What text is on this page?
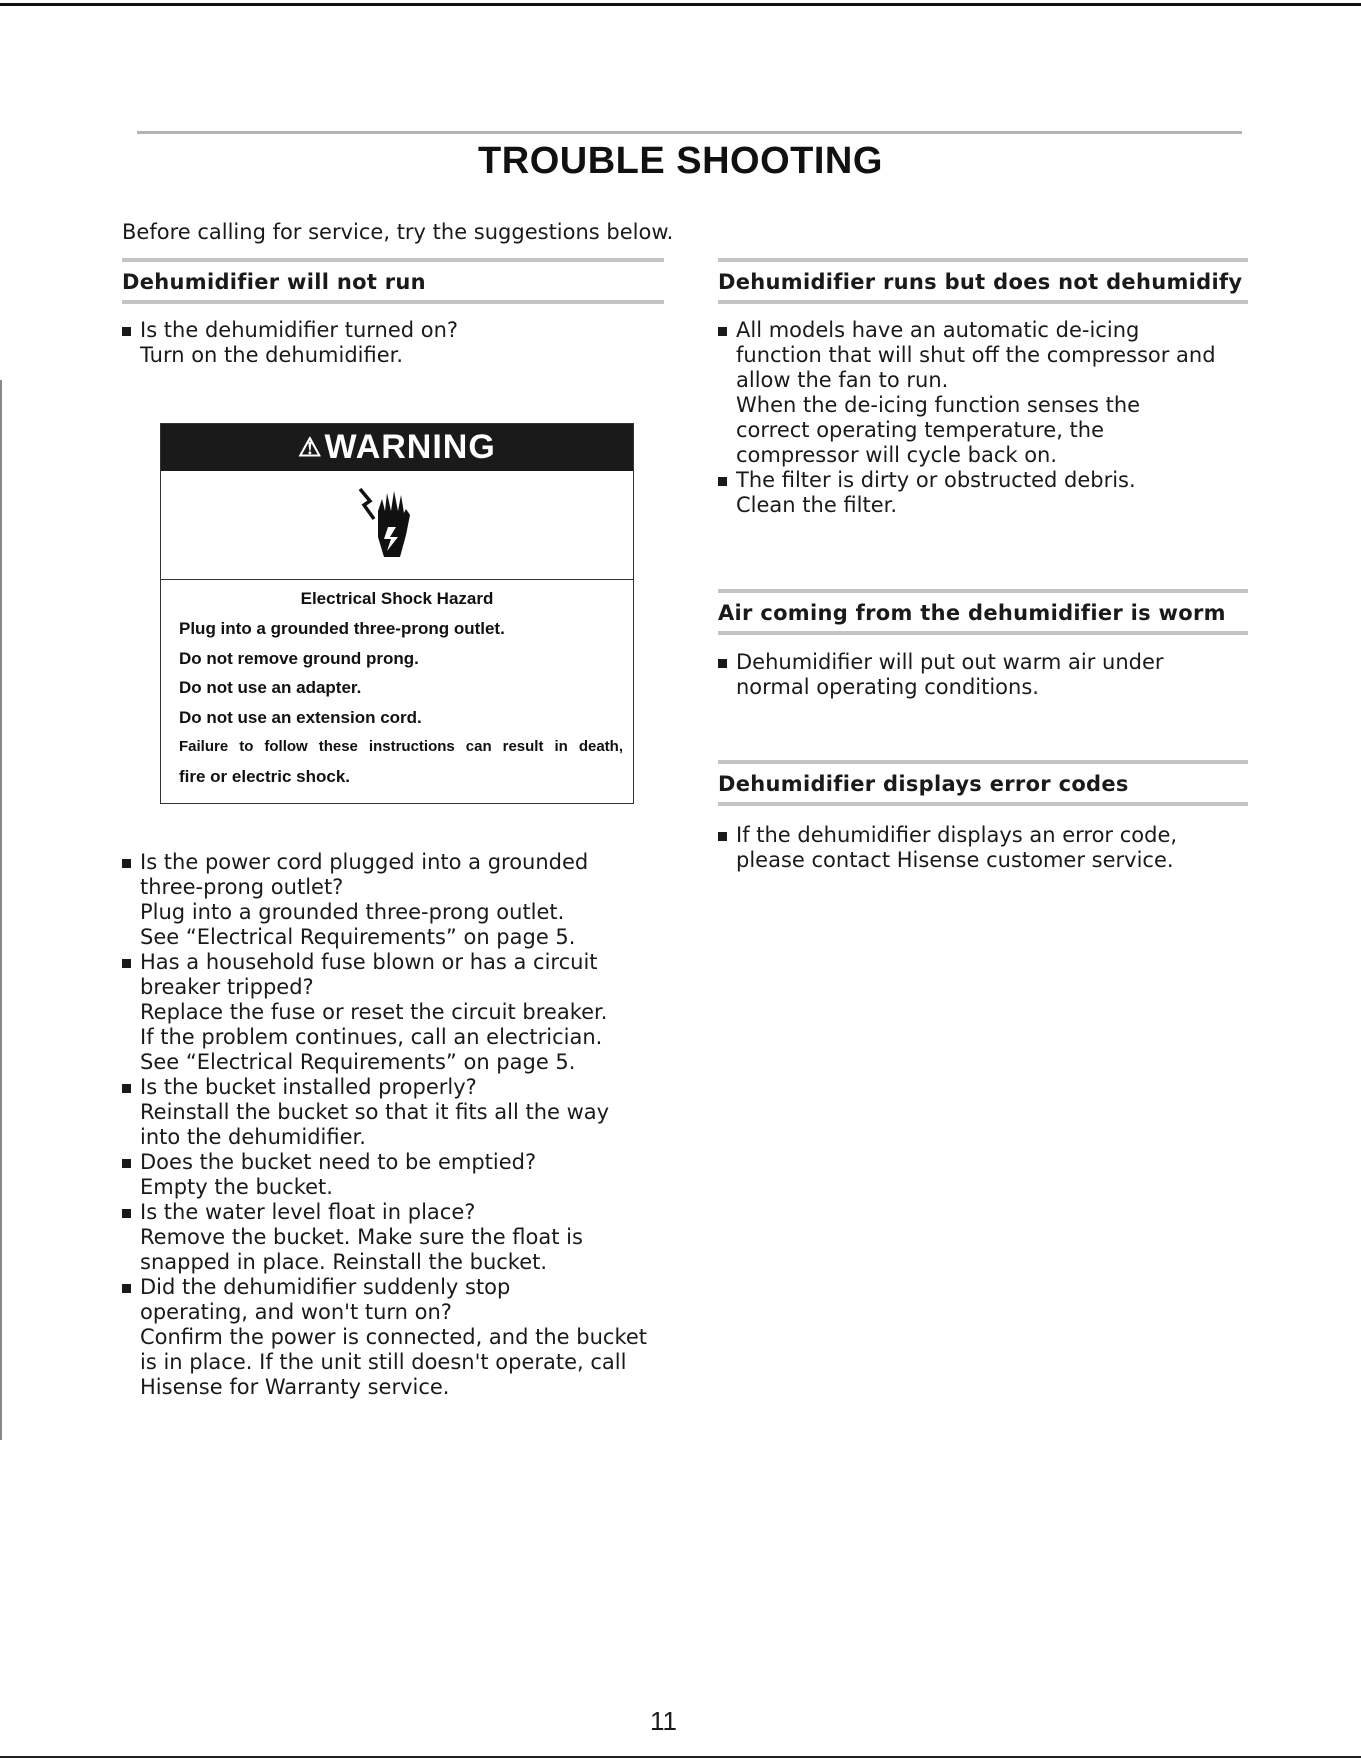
TROUBLE SHOOTING
Before calling for service, try the suggestions below.
Dehumidifier will not run
Is the dehumidifier turned on?
Turn on the dehumidifier.
⚠WARNING
Electrical Shock Hazard
Plug into a grounded three-prong outlet.
Do not remove ground prong.
Do not use an adapter.
Do not use an extension cord.
Failure to follow these instructions can result in death,
fire or electric shock.
Is the power cord plugged into a grounded
three-prong outlet?
Plug into a grounded three-prong outlet.
See “Electrical Requirements” on page 5.
Has a household fuse blown or has a circuit
breaker tripped?
Replace the fuse or reset the circuit breaker.
If the problem continues, call an electrician.
See “Electrical Requirements” on page 5.
Is the bucket installed properly?
Reinstall the bucket so that it fits all the way
into the dehumidifier.
Does the bucket need to be emptied?
Empty the bucket.
Is the water level float in place?
Remove the bucket. Make sure the float is
snapped in place. Reinstall the bucket.
Did the dehumidifier suddenly stop
operating, and won't turn on?
Confirm the power is connected, and the bucket
is in place. If the unit still doesn't operate, call
Hisense for Warranty service.
Dehumidifier runs but does not dehumidify
All models have an automatic de-icing
function that will shut off the compressor and
allow the fan to run.
When the de-icing function senses the
correct operating temperature, the
compressor will cycle back on.
The filter is dirty or obstructed debris.
Clean the filter.
Air coming from the dehumidifier is worm
Dehumidifier will put out warm air under
normal operating conditions.
Dehumidifier displays error codes
If the dehumidifier displays an error code,
please contact Hisense customer service.
11
